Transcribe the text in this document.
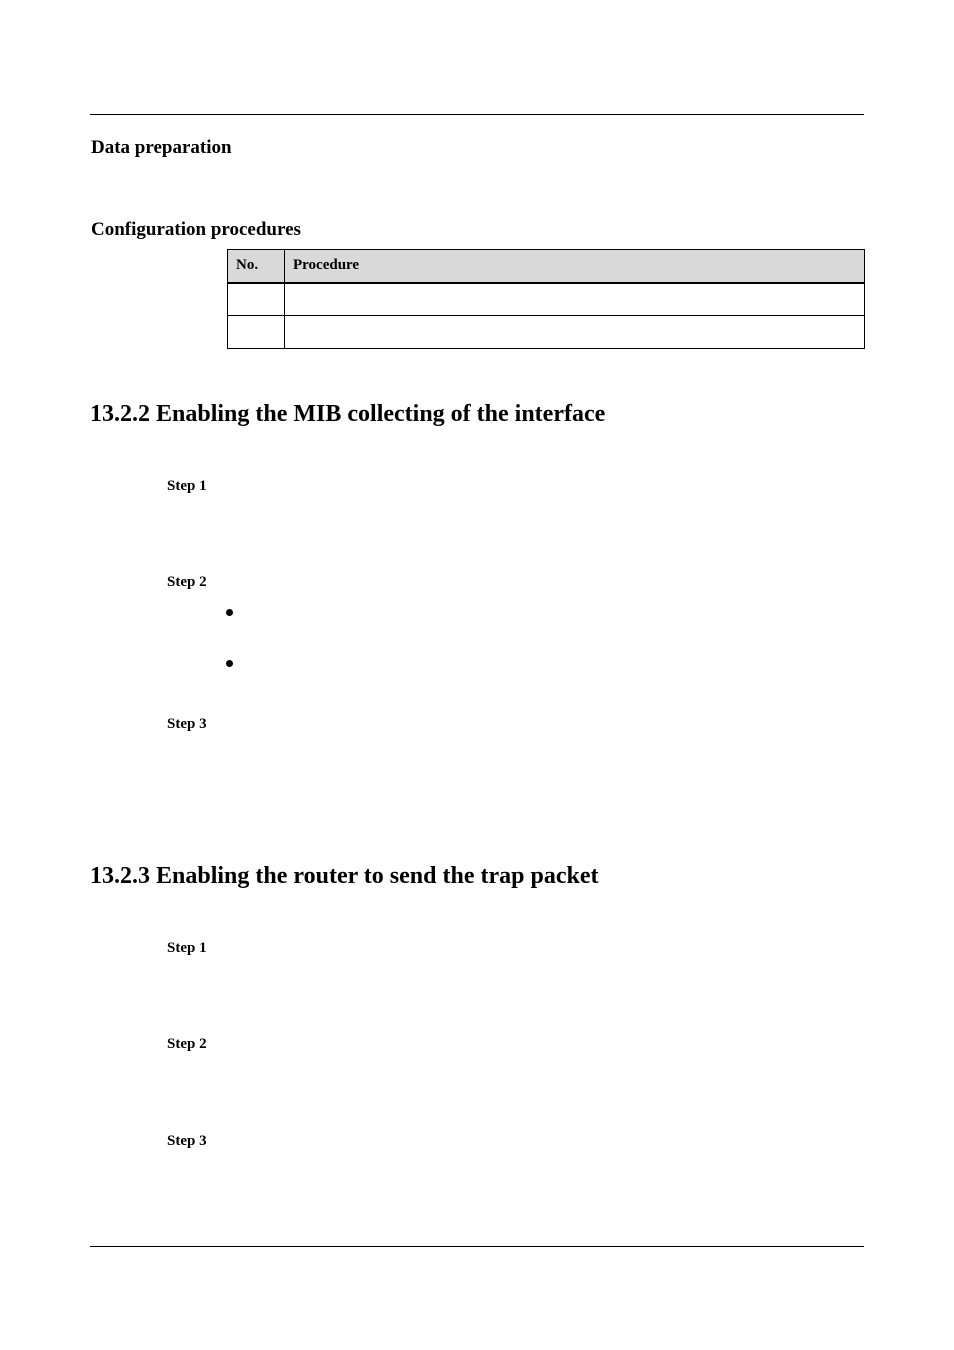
Data preparation
Configuration procedures
No.	Procedure

13.2.2 Enabling the MIB collecting of the interface
Step 1
Step 2
Step 3
13.2.3 Enabling the router to send the trap packet
Step 1
Step 2
Step 3
